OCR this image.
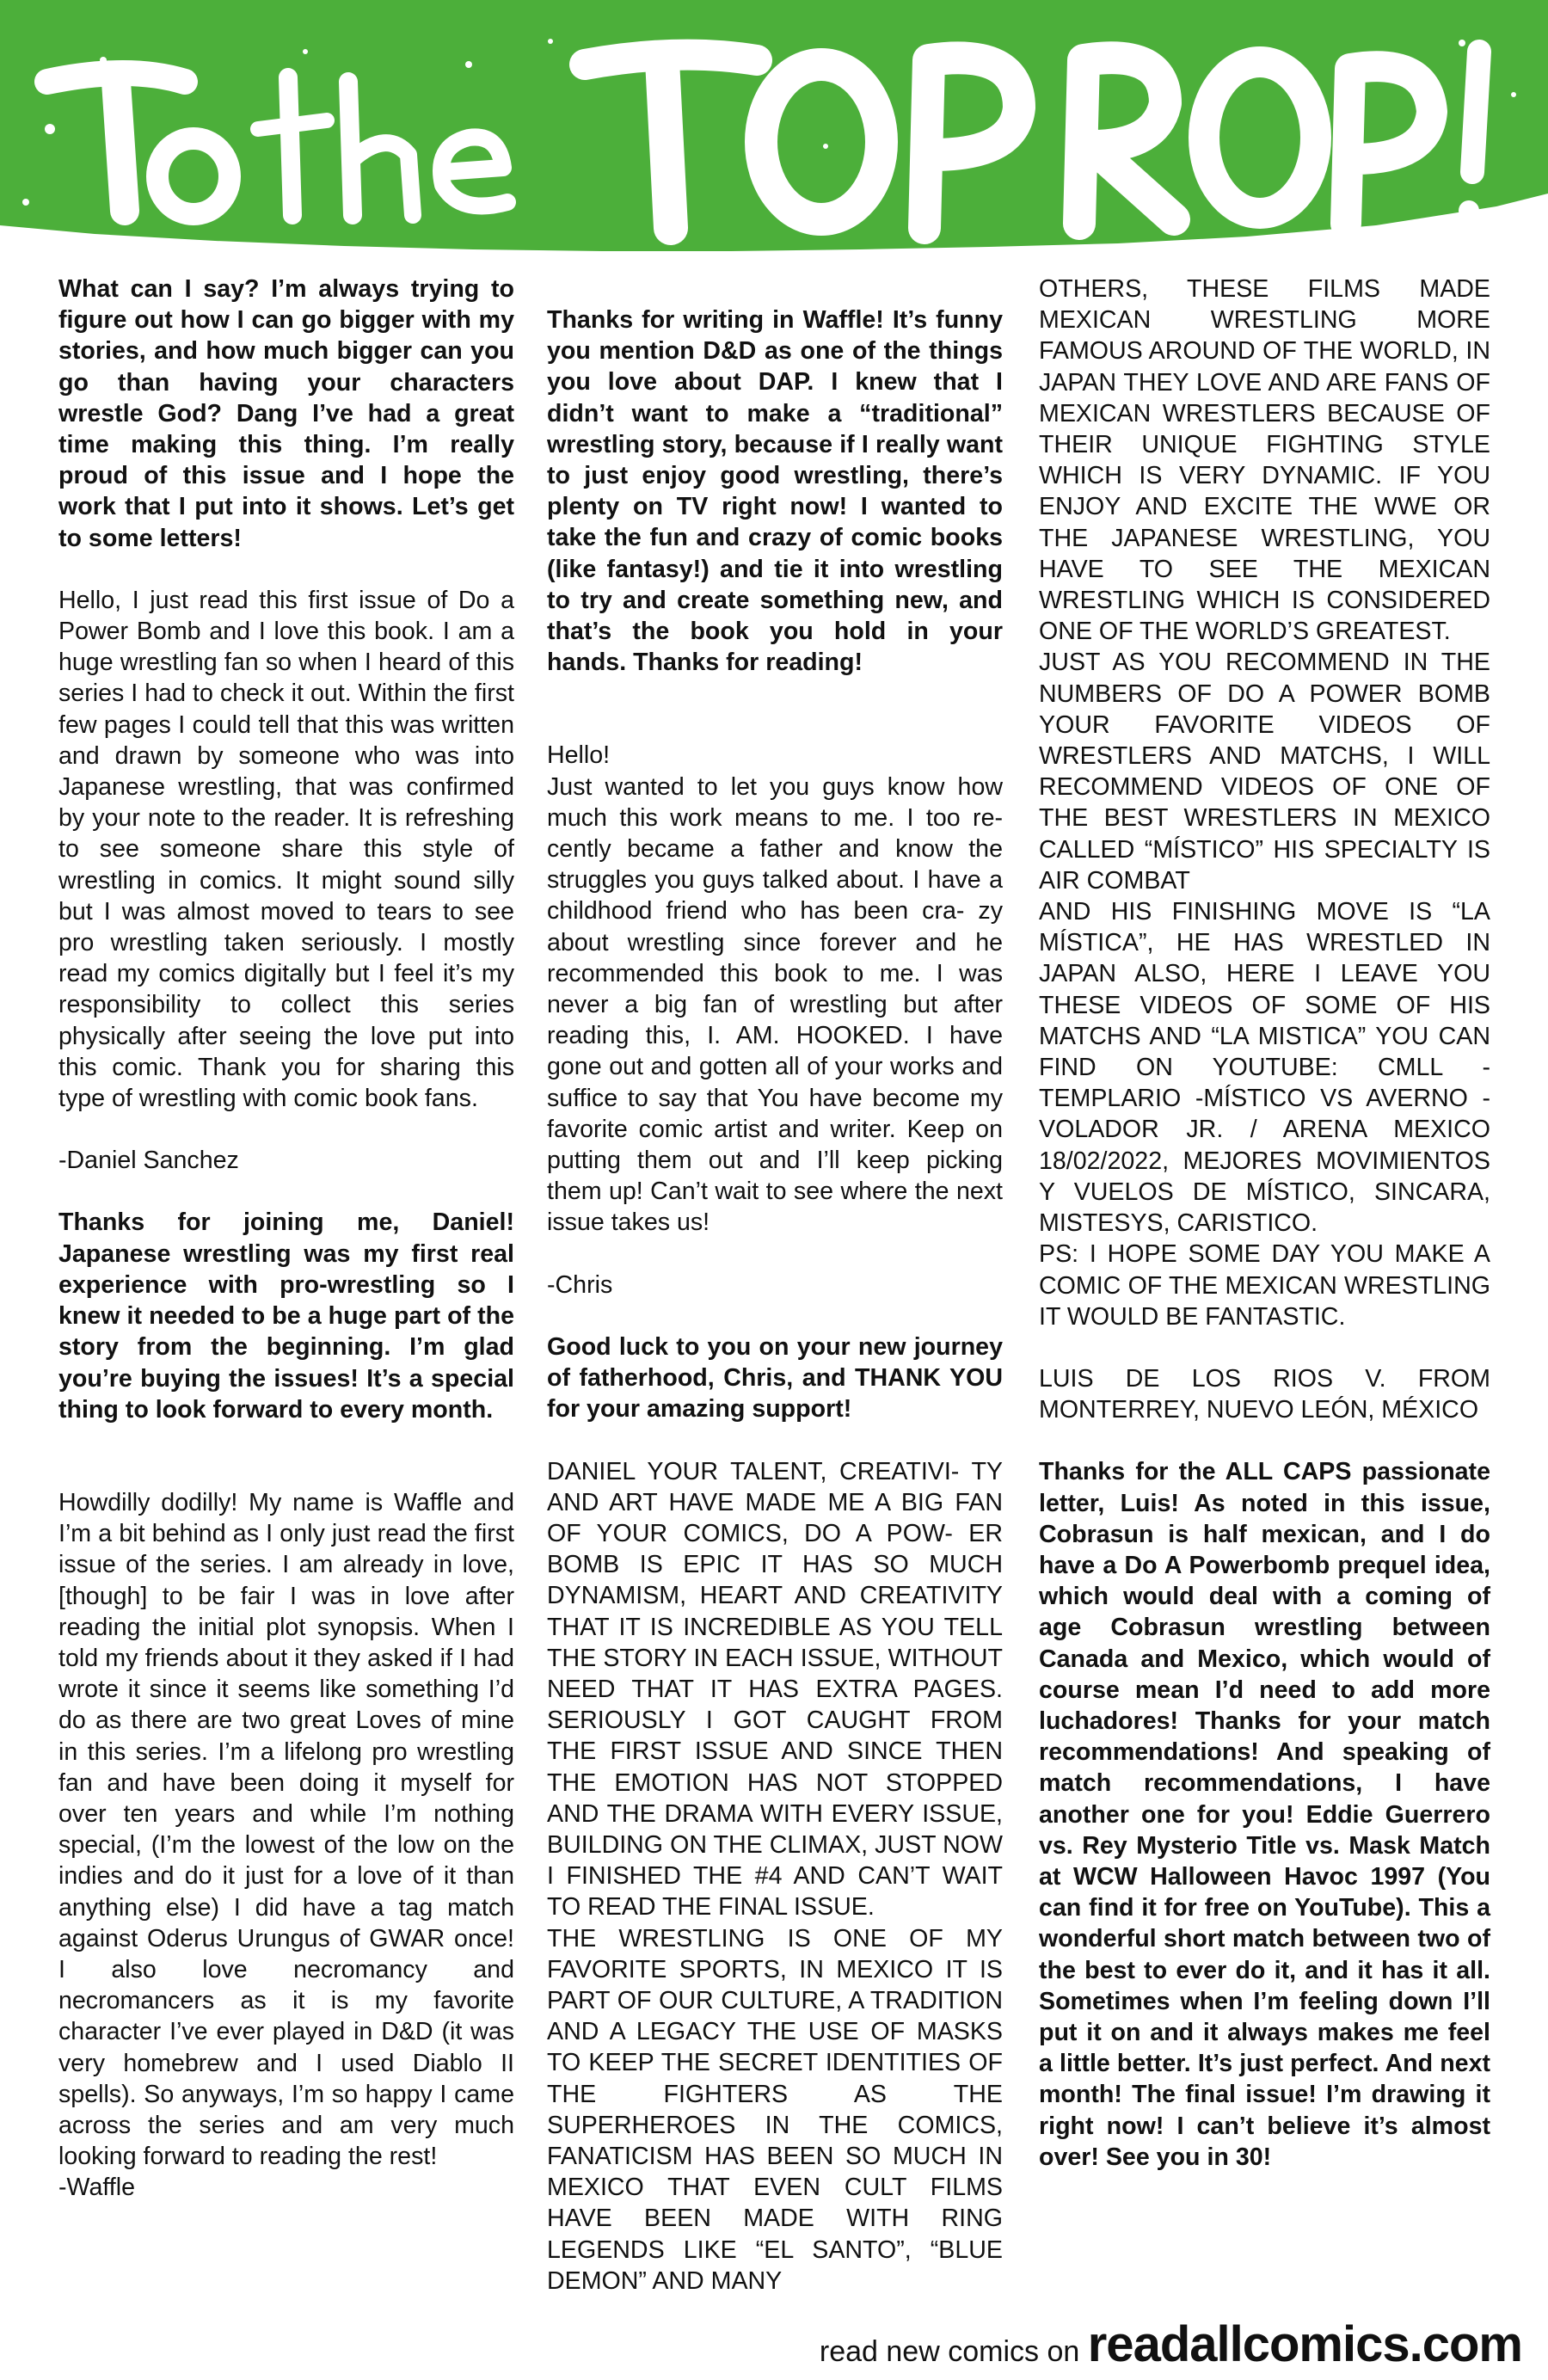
What can I say? I’m always trying to figure out how I can go bigger with my stories, and how much bigger can you go than having your characters wrestle God? Dang I’ve had a great time making this thing. I’m really proud of this issue and I hope the work that I put into it shows. Let’s get to some letters!

Hello, I just read this first issue of Do a Power Bomb and I love this book. I am a huge wrestling fan so when I heard of this series I had to check it out. Within the first few pages I could tell that this was written and drawn by someone who was into Japanese wrestling, that was confirmed by your note to the reader. It is refreshing to see someone share this style of wrestling in comics. It might sound silly but I was almost moved to tears to see pro wrestling taken seriously. I mostly read my comics digitally but I feel it’s my responsibility to collect this series physically after seeing the love put into this comic. Thank you for sharing this type of wrestling with comic book fans.

-Daniel Sanchez

Thanks for joining me, Daniel! Japanese wrestling was my first real experience with pro-wrestling so I knew it needed to be a huge part of the story from the beginning. I’m glad you’re buying the issues! It’s a special thing to look forward to every month.

Howdilly dodilly! My name is Waffle and I’m a bit behind as I only just read the first issue of the series. I am already in love, [though] to be fair I was in love after reading the initial plot synopsis. When I told my friends about it they asked if I had wrote it since it seems like something I’d do as there are two great Loves of mine in this series. I’m a lifelong pro wrestling fan and have been doing it myself for over ten years and while I’m nothing special, (I’m the lowest of the low on the indies and do it just for a love of it than anything else) I did have a tag match against Oderus Urungus of GWAR once! I also love necromancy and necromancers as it is my favorite character I’ve ever played in D&D (it was very homebrew and I used Diablo II spells). So anyways, I’m so happy I came across the series and am very much looking forward to reading the rest!

-Waffle

Thanks for writing in Waffle! It’s funny you mention D&D as one of the things you love about DAP. I knew that I didn’t want to make a “traditional” wrestling story, because if I really want to just enjoy good wrestling, there’s plenty on TV right now! I wanted to take the fun and crazy of comic books (like fantasy!) and tie it into wrestling to try and create something new, and that’s the book you hold in your hands. Thanks for reading!

Hello!

Just wanted to let you guys know how much this work means to me. I too re- cently became a father and know the struggles you guys talked about. I have a childhood friend who has been cra- zy about wrestling since forever and he recommended this book to me. I was never a big fan of wrestling but after reading this, I. AM. HOOKED. I have gone out and gotten all of your works and suffice to say that You have become my favorite comic artist and writer. Keep on putting them out and I’ll keep picking them up! Can’t wait to see where the next issue takes us!

-Chris

Good luck to you on your new journey of fatherhood, Chris, and THANK YOU for your amazing support!

DANIEL YOUR TALENT, CREATIVI- TY AND ART HAVE MADE ME A BIG FAN OF YOUR COMICS, DO A POW- ER BOMB IS EPIC IT HAS SO MUCH DYNAMISM, HEART AND CREATIVITY THAT IT IS INCREDIBLE AS YOU TELL THE STORY IN EACH ISSUE, WITHOUT NEED THAT IT HAS EXTRA PAGES. SERIOUSLY I GOT CAUGHT FROM THE FIRST ISSUE AND SINCE THEN THE EMOTION HAS NOT STOPPED AND THE DRAMA WITH EVERY ISSUE, BUILDING ON THE CLIMAX, JUST NOW I FINISHED THE #4 AND CAN’T WAIT TO READ THE FINAL ISSUE.

THE WRESTLING IS ONE OF MY FAVORITE SPORTS, IN MEXICO IT IS PART OF OUR CULTURE, A TRADITION AND A LEGACY THE USE OF MASKS TO KEEP THE SECRET IDENTITIES OF THE FIGHTERS AS THE SUPERHEROES IN THE COMICS, FANATICISM HAS BEEN SO MUCH IN MEXICO THAT EVEN CULT FILMS HAVE BEEN MADE WITH RING LEGENDS LIKE “EL SANTO”, “BLUE DEMON” AND MANY

OTHERS, THESE FILMS MADE MEXICAN WRESTLING MORE FAMOUS AROUND OF THE WORLD, IN JAPAN THEY LOVE AND ARE FANS OF MEXICAN WRESTLERS BECAUSE OF THEIR UNIQUE FIGHTING STYLE WHICH IS VERY DYNAMIC. IF YOU ENJOY AND EXCITE THE WWE OR THE JAPANESE WRESTLING, YOU HAVE TO SEE THE MEXICAN WRESTLING WHICH IS CONSIDERED ONE OF THE WORLD’S GREATEST.

JUST AS YOU RECOMMEND IN THE NUMBERS OF DO A POWER BOMB YOUR FAVORITE VIDEOS OF WRESTLERS AND MATCHS, I WILL RECOMMEND VIDEOS OF ONE OF THE BEST WRESTLERS IN MEXICO CALLED “MÍSTICO” HIS SPECIALTY IS AIR COMBAT

AND HIS FINISHING MOVE IS “LA MÍSTICA”, HE HAS WRESTLED IN JAPAN ALSO, HERE I LEAVE YOU THESE VIDEOS OF SOME OF HIS MATCHS AND “LA MISTICA” YOU CAN FIND ON YOUTUBE: CMLL -TEMPLARIO -MÍSTICO VS AVERNO -VOLADOR JR. / ARENA MEXICO 18/02/2022, MEJORES MOVIMIENTOS Y VUELOS DE MÍSTICO, SINCARA, MISTESYS, CARISTICO.

PS: I HOPE SOME DAY YOU MAKE A COMIC OF THE MEXICAN WRESTLING IT WOULD BE FANTASTIC.

LUIS DE LOS RIOS V. FROM MONTERREY, NUEVO LEÓN, MÉXICO

Thanks for the ALL CAPS passionate letter, Luis! As noted in this issue, Cobrasun is half mexican, and I do have a Do A Powerbomb prequel idea, which would deal with a coming of age Cobrasun wrestling between Canada and Mexico, which would of course mean I’d need to add more luchadores! Thanks for your match recommendations! And speaking of match recommendations, I have another one for you! Eddie Guerrero vs. Rey Mysterio Title vs. Mask Match at WCW Halloween Havoc 1997 (You can find it for free on YouTube). This a wonderful short match between two of the best to ever do it, and it has it all. Sometimes when I’m feeling down I’ll put it on and it always makes me feel a little better. It’s just perfect. And next month! The final issue! I’m drawing it right now! I can’t believe it’s almost over! See you in 30!

read new comics on readallcomics.com
